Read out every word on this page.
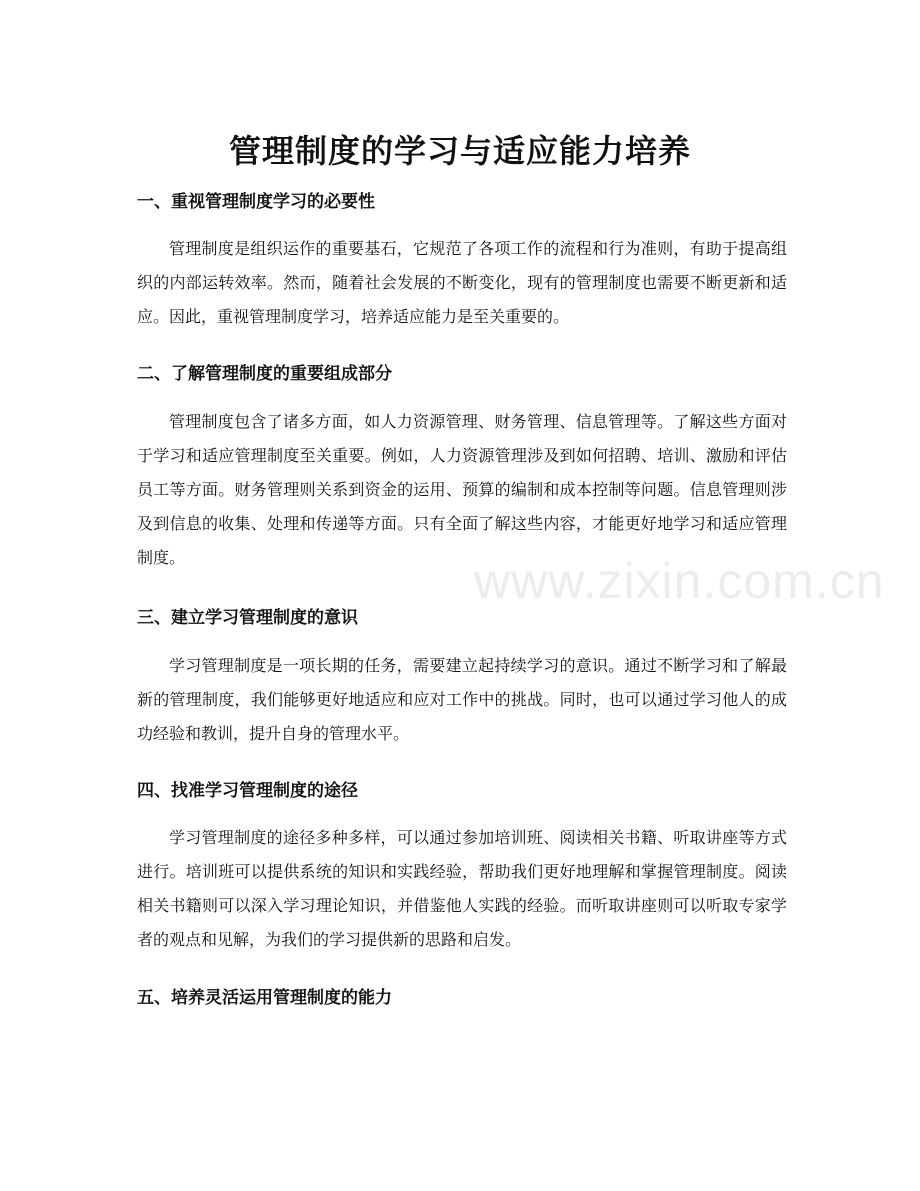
管理制度的学习与适应能力培养
一、重视管理制度学习的必要性

管理制度是组织运作的重要基石，它规范了各项工作的流程和行为准则，有助于提高组织的内部运转效率。然而，随着社会发展的不断变化，现有的管理制度也需要不断更新和适应。因此，重视管理制度学习，培养适应能力是至关重要的。

二、了解管理制度的重要组成部分

管理制度包含了诸多方面，如人力资源管理、财务管理、信息管理等。了解这些方面对于学习和适应管理制度至关重要。例如，人力资源管理涉及到如何招聘、培训、激励和评估员工等方面。财务管理则关系到资金的运用、预算的编制和成本控制等问题。信息管理则涉及到信息的收集、处理和传递等方面。只有全面了解这些内容，才能更好地学习和适应管理制度。

三、建立学习管理制度的意识

学习管理制度是一项长期的任务，需要建立起持续学习的意识。通过不断学习和了解最新的管理制度，我们能够更好地适应和应对工作中的挑战。同时，也可以通过学习他人的成功经验和教训，提升自身的管理水平。

四、找准学习管理制度的途径

学习管理制度的途径多种多样，可以通过参加培训班、阅读相关书籍、听取讲座等方式进行。培训班可以提供系统的知识和实践经验，帮助我们更好地理解和掌握管理制度。阅读相关书籍则可以深入学习理论知识，并借鉴他人实践的经验。而听取讲座则可以听取专家学者的观点和见解，为我们的学习提供新的思路和启发。

五、培养灵活运用管理制度的能力
www.zixin.com.cn
